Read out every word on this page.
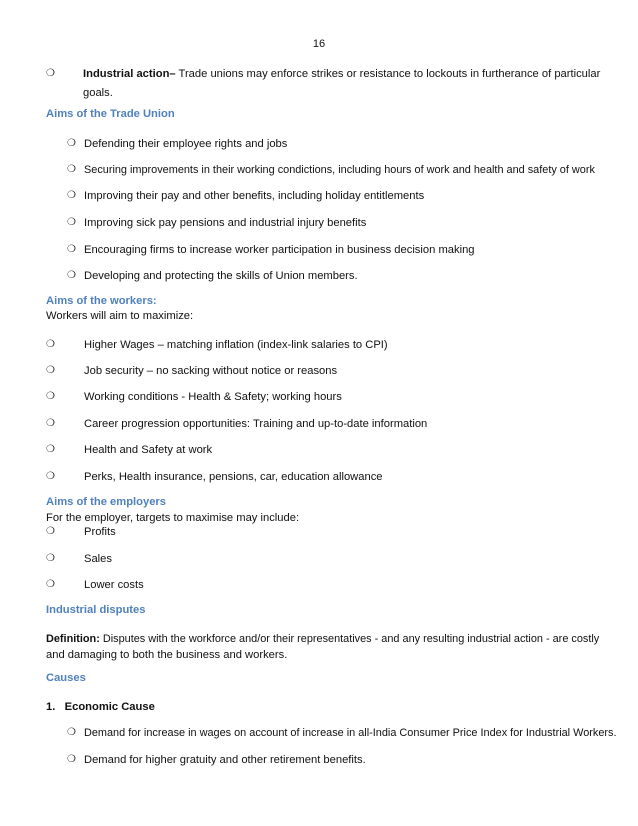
16
❍	Industrial action– Trade unions may enforce strikes or resistance to lockouts in furtherance of particular
goals.
Aims of the Trade Union
❍ Defending their employee rights and jobs
❍ Securing improvements in their working condictions, including hours of work and health and safety of work
❍ Improving their pay and other benefits, including holiday entitlements
❍ Improving sick pay pensions and industrial injury benefits
❍ Encouraging firms to increase worker participation in business decision making
❍ Developing and protecting the skills of Union members.
Aims of the workers:
Workers will aim to maximize:
❍	Higher Wages – matching inflation (index-link salaries to CPI)
❍	Job security – no sacking without notice or reasons
❍	Working conditions - Health & Safety; working hours
❍	Career progression opportunities: Training and up-to-date information
❍	Health and Safety at work
❍	Perks, Health insurance, pensions, car, education allowance
Aims of the employers
For the employer, targets to maximise may include:
❍	Profits
❍	Sales
❍	Lower costs
Industrial disputes
Definition: Disputes with the workforce and/or their representatives - and any resulting industrial action - are costly
and damaging to both the business and workers.
Causes
1.   Economic Cause
❍ Demand for increase in wages on account of increase in all-India Consumer Price Index for Industrial Workers.
❍ Demand for higher gratuity and other retirement benefits.
